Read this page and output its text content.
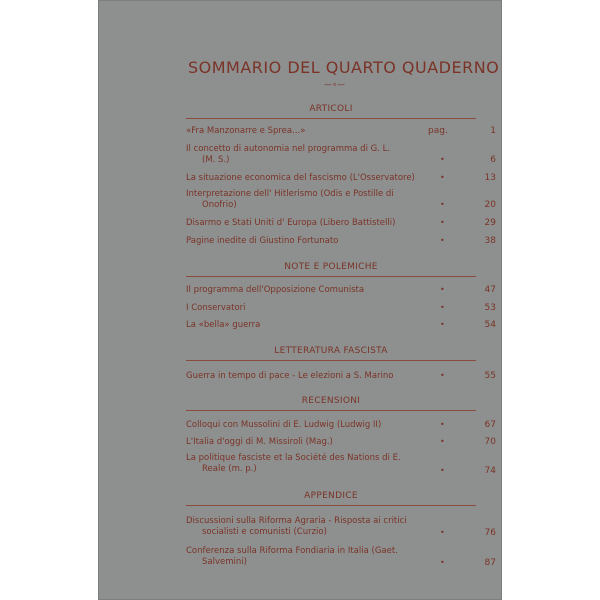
SOMMARIO DEL QUARTO QUADERNO
—∘—
ARTICOLI
«Fra Manzonarre e Sprea...»	pag.	1
Il concetto di autonomia nel programma di G. L.
(M. S.)	•	6
La situazione economica del fascismo (L'Osservatore)	•	13
Interpretazione dell' Hitlerismo (Odis e Postille di
Onofrio)	•	20
Disarmo e Stati Uniti d' Europa (Libero Battistelli)	•	29
Pagine inedite di Giustino Fortunato	•	38
NOTE E POLEMICHE
Il programma dell'Opposizione Comunista	•	47
I Conservatori	•	53
La «bella» guerra	•	54
LETTERATURA FASCISTA
Guerra in tempo di pace - Le elezioni a S. Marino	•	55
RECENSIONI
Colloqui con Mussolini di E. Ludwig (Ludwig II)	•	67
L'Italia d'oggi di M. Missiroli (Mag.)	•	70
La politique fasciste et la Société des Nations di E.
Reale (m. p.)	•	74
APPENDICE
Discussioni sulla Riforma Agraria - Risposta ai critici
socialisti e comunisti (Curzio)	•	76
Conferenza sulla Riforma Fondiaria in Italia (Gaet.
Salvemini)	•	87
